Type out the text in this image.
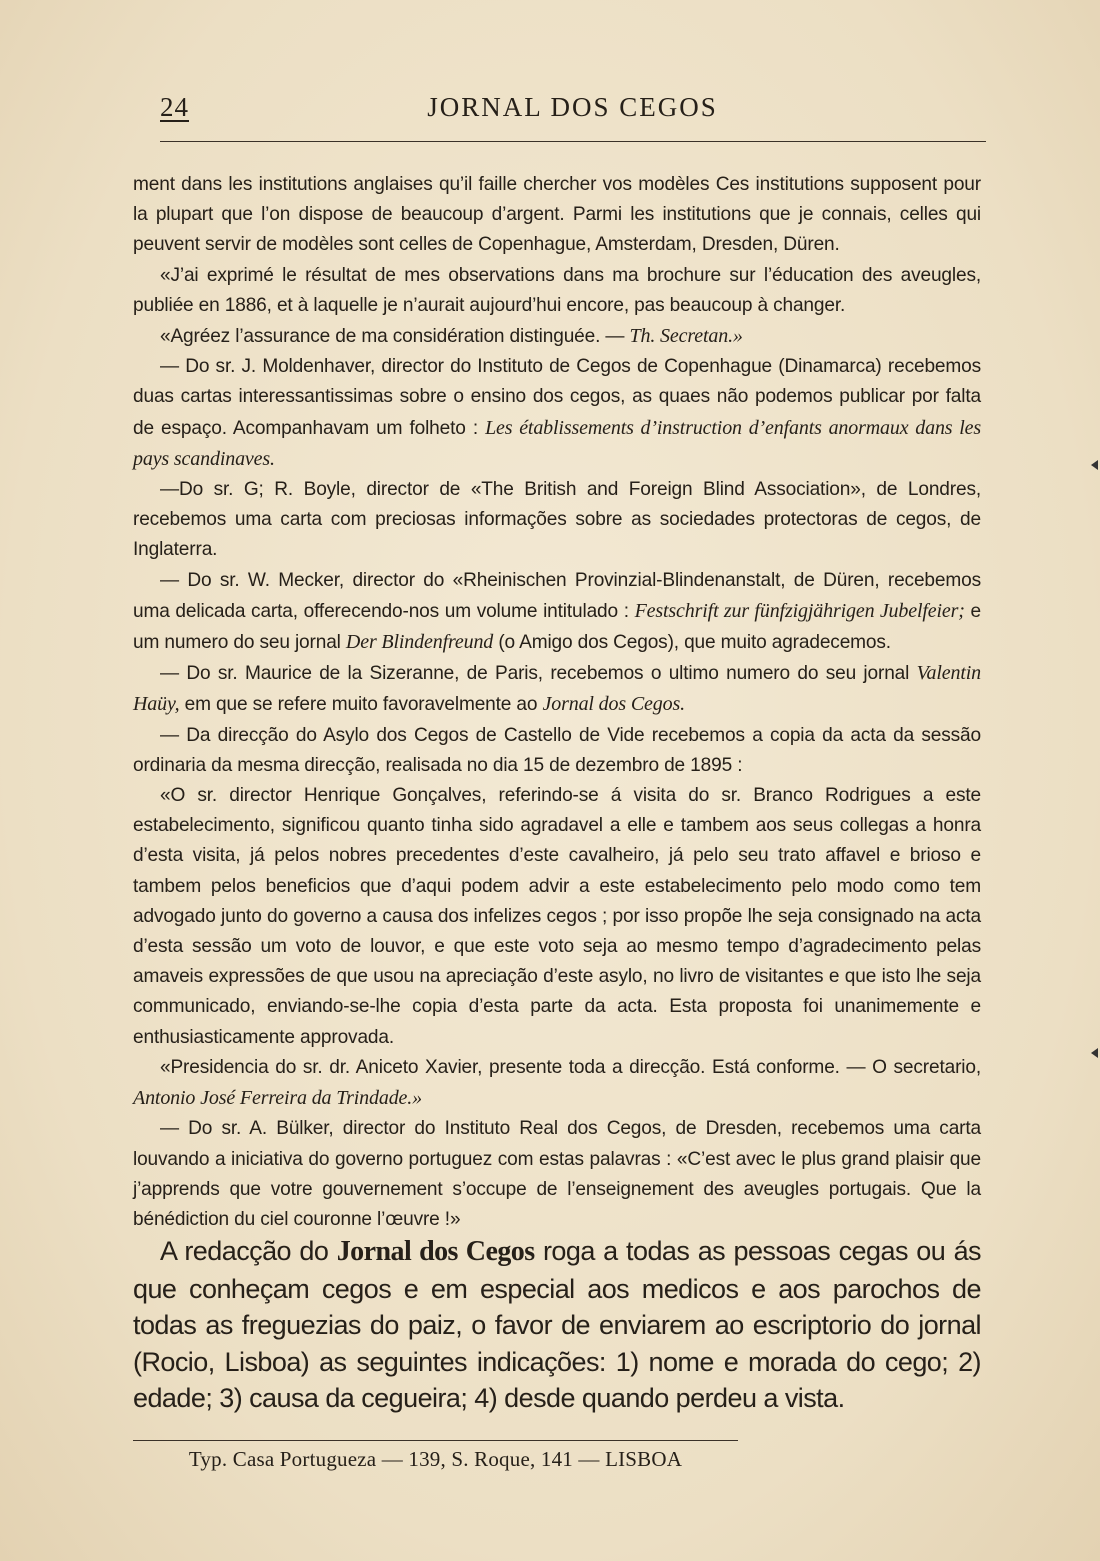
24	JORNAL DOS CEGOS

ment dans les institutions anglaises qu’il faille chercher vos modèles Ces institutions supposent pour la plupart que l’on dispose de beaucoup d’argent. Parmi les institutions que je connais, celles qui peuvent servir de modèles sont celles de Copenhague, Amsterdam, Dresden, Düren.

«J’ai exprimé le résultat de mes observations dans ma brochure sur l’éducation des aveugles, publiée en 1886, et à laquelle je n’aurait aujourd’hui encore, pas beaucoup à changer.

«Agréez l’assurance de ma considération distinguée. — Th. Secretan.»

— Do sr. J. Moldenhaver, director do Instituto de Cegos de Copenhague (Dinamarca) recebemos duas cartas interessantissimas sobre o ensino dos cegos, as quaes não podemos publicar por falta de espaço. Acompanhavam um folheto : Les établissements d’instruction d’enfants anormaux dans les pays scandinaves.

—Do sr. G; R. Boyle, director de «The British and Foreign Blind Association», de Londres, recebemos uma carta com preciosas informações sobre as sociedades protectoras de cegos, de Inglaterra.

— Do sr. W. Mecker, director do «Rheinischen Provinzial-Blindenanstalt, de Düren, recebemos uma delicada carta, offerecendo-nos um volume intitulado : Festschrift zur fünfzigjährigen Jubelfeier; e um numero do seu jornal Der Blindenfreund (o Amigo dos Cegos), que muito agradecemos.

— Do sr. Maurice de la Sizeranne, de Paris, recebemos o ultimo numero do seu jornal Valentin Haüy, em que se refere muito favoravelmente ao Jornal dos Cegos.

— Da direcção do Asylo dos Cegos de Castello de Vide recebemos a copia da acta da sessão ordinaria da mesma direcção, realisada no dia 15 de dezembro de 1895 :

«O sr. director Henrique Gonçalves, referindo-se á visita do sr. Branco Rodrigues a este estabelecimento, significou quanto tinha sido agradavel a elle e tambem aos seus collegas a honra d’esta visita, já pelos nobres precedentes d’este cavalheiro, já pelo seu trato affavel e brioso e tambem pelos beneficios que d’aqui podem advir a este estabelecimento pelo modo como tem advogado junto do governo a causa dos infelizes cegos ; por isso propõe lhe seja consignado na acta d’esta sessão um voto de louvor, e que este voto seja ao mesmo tempo d’agradecimento pelas amaveis expressões de que usou na apreciação d’este asylo, no livro de visitantes e que isto lhe seja communicado, enviando-se-lhe copia d’esta parte da acta. Esta proposta foi unanimemente e enthusiasticamente approvada.

«Presidencia do sr. dr. Aniceto Xavier, presente toda a direcção. Está conforme. — O secretario, Antonio José Ferreira da Trindade.»

— Do sr. A. Bülker, director do Instituto Real dos Cegos, de Dresden, recebemos uma carta louvando a iniciativa do governo portuguez com estas palavras : «C’est avec le plus grand plaisir que j’apprends que votre gouvernement s’occupe de l’enseignement des aveugles portugais. Que la bénédiction du ciel couronne l’œuvre !»

A redacção do Jornal dos Cegos roga a todas as pessoas cegas ou ás que conheçam cegos e em especial aos medicos e aos parochos de todas as freguezias do paiz, o favor de enviarem ao escriptorio do jornal (Rocio, Lisboa) as seguintes indicações: 1) nome e morada do cego; 2) edade; 3) causa da cegueira; 4) desde quando perdeu a vista.

Typ. Casa Portugueza — 139, S. Roque, 141 — LISBOA
